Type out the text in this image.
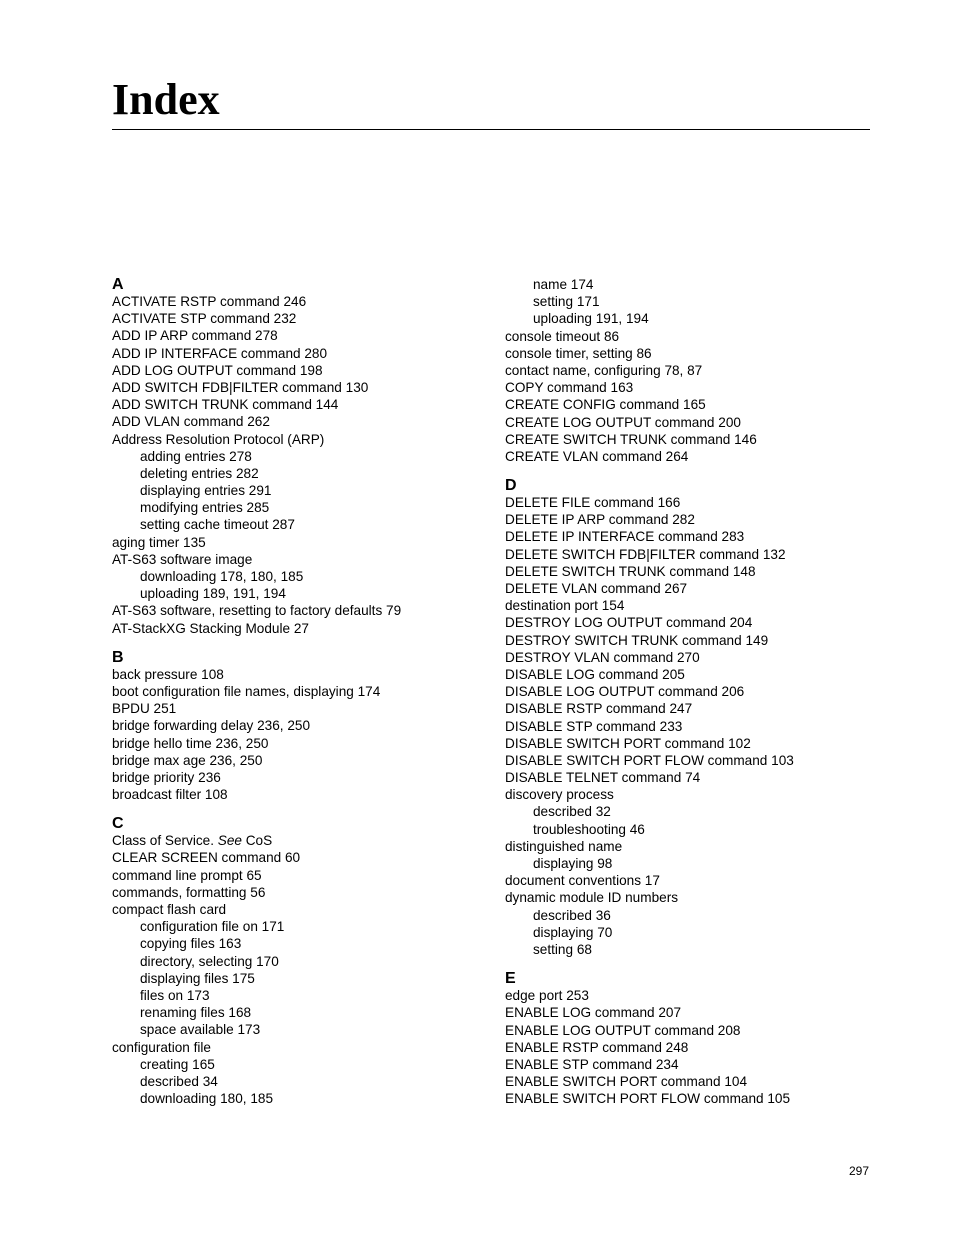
Index
A
ACTIVATE RSTP command 246
ACTIVATE STP command 232
ADD IP ARP command 278
ADD IP INTERFACE command 280
ADD LOG OUTPUT command 198
ADD SWITCH FDB|FILTER command 130
ADD SWITCH TRUNK command 144
ADD VLAN command 262
Address Resolution Protocol (ARP)
adding entries 278
deleting entries 282
displaying entries 291
modifying entries 285
setting cache timeout 287
aging timer 135
AT-S63 software image
downloading 178, 180, 185
uploading 189, 191, 194
AT-S63 software, resetting to factory defaults 79
AT-StackXG Stacking Module 27
B
back pressure 108
boot configuration file names, displaying 174
BPDU 251
bridge forwarding delay 236, 250
bridge hello time 236, 250
bridge max age 236, 250
bridge priority 236
broadcast filter 108
C
Class of Service. See CoS
CLEAR SCREEN command 60
command line prompt 65
commands, formatting 56
compact flash card
configuration file on 171
copying files 163
directory, selecting 170
displaying files 175
files on 173
renaming files 168
space available 173
configuration file
creating 165
described 34
downloading 180, 185
name 174
setting 171
uploading 191, 194
console timeout 86
console timer, setting 86
contact name, configuring 78, 87
COPY command 163
CREATE CONFIG command 165
CREATE LOG OUTPUT command 200
CREATE SWITCH TRUNK command 146
CREATE VLAN command 264
D
DELETE FILE command 166
DELETE IP ARP command 282
DELETE IP INTERFACE command 283
DELETE SWITCH FDB|FILTER command 132
DELETE SWITCH TRUNK command 148
DELETE VLAN command 267
destination port 154
DESTROY LOG OUTPUT command 204
DESTROY SWITCH TRUNK command 149
DESTROY VLAN command 270
DISABLE LOG command 205
DISABLE LOG OUTPUT command 206
DISABLE RSTP command 247
DISABLE STP command 233
DISABLE SWITCH PORT command 102
DISABLE SWITCH PORT FLOW command 103
DISABLE TELNET command 74
discovery process
described 32
troubleshooting 46
distinguished name
displaying 98
document conventions 17
dynamic module ID numbers
described 36
displaying 70
setting 68
E
edge port 253
ENABLE LOG command 207
ENABLE LOG OUTPUT command 208
ENABLE RSTP command 248
ENABLE STP command 234
ENABLE SWITCH PORT command 104
ENABLE SWITCH PORT FLOW command 105
297
